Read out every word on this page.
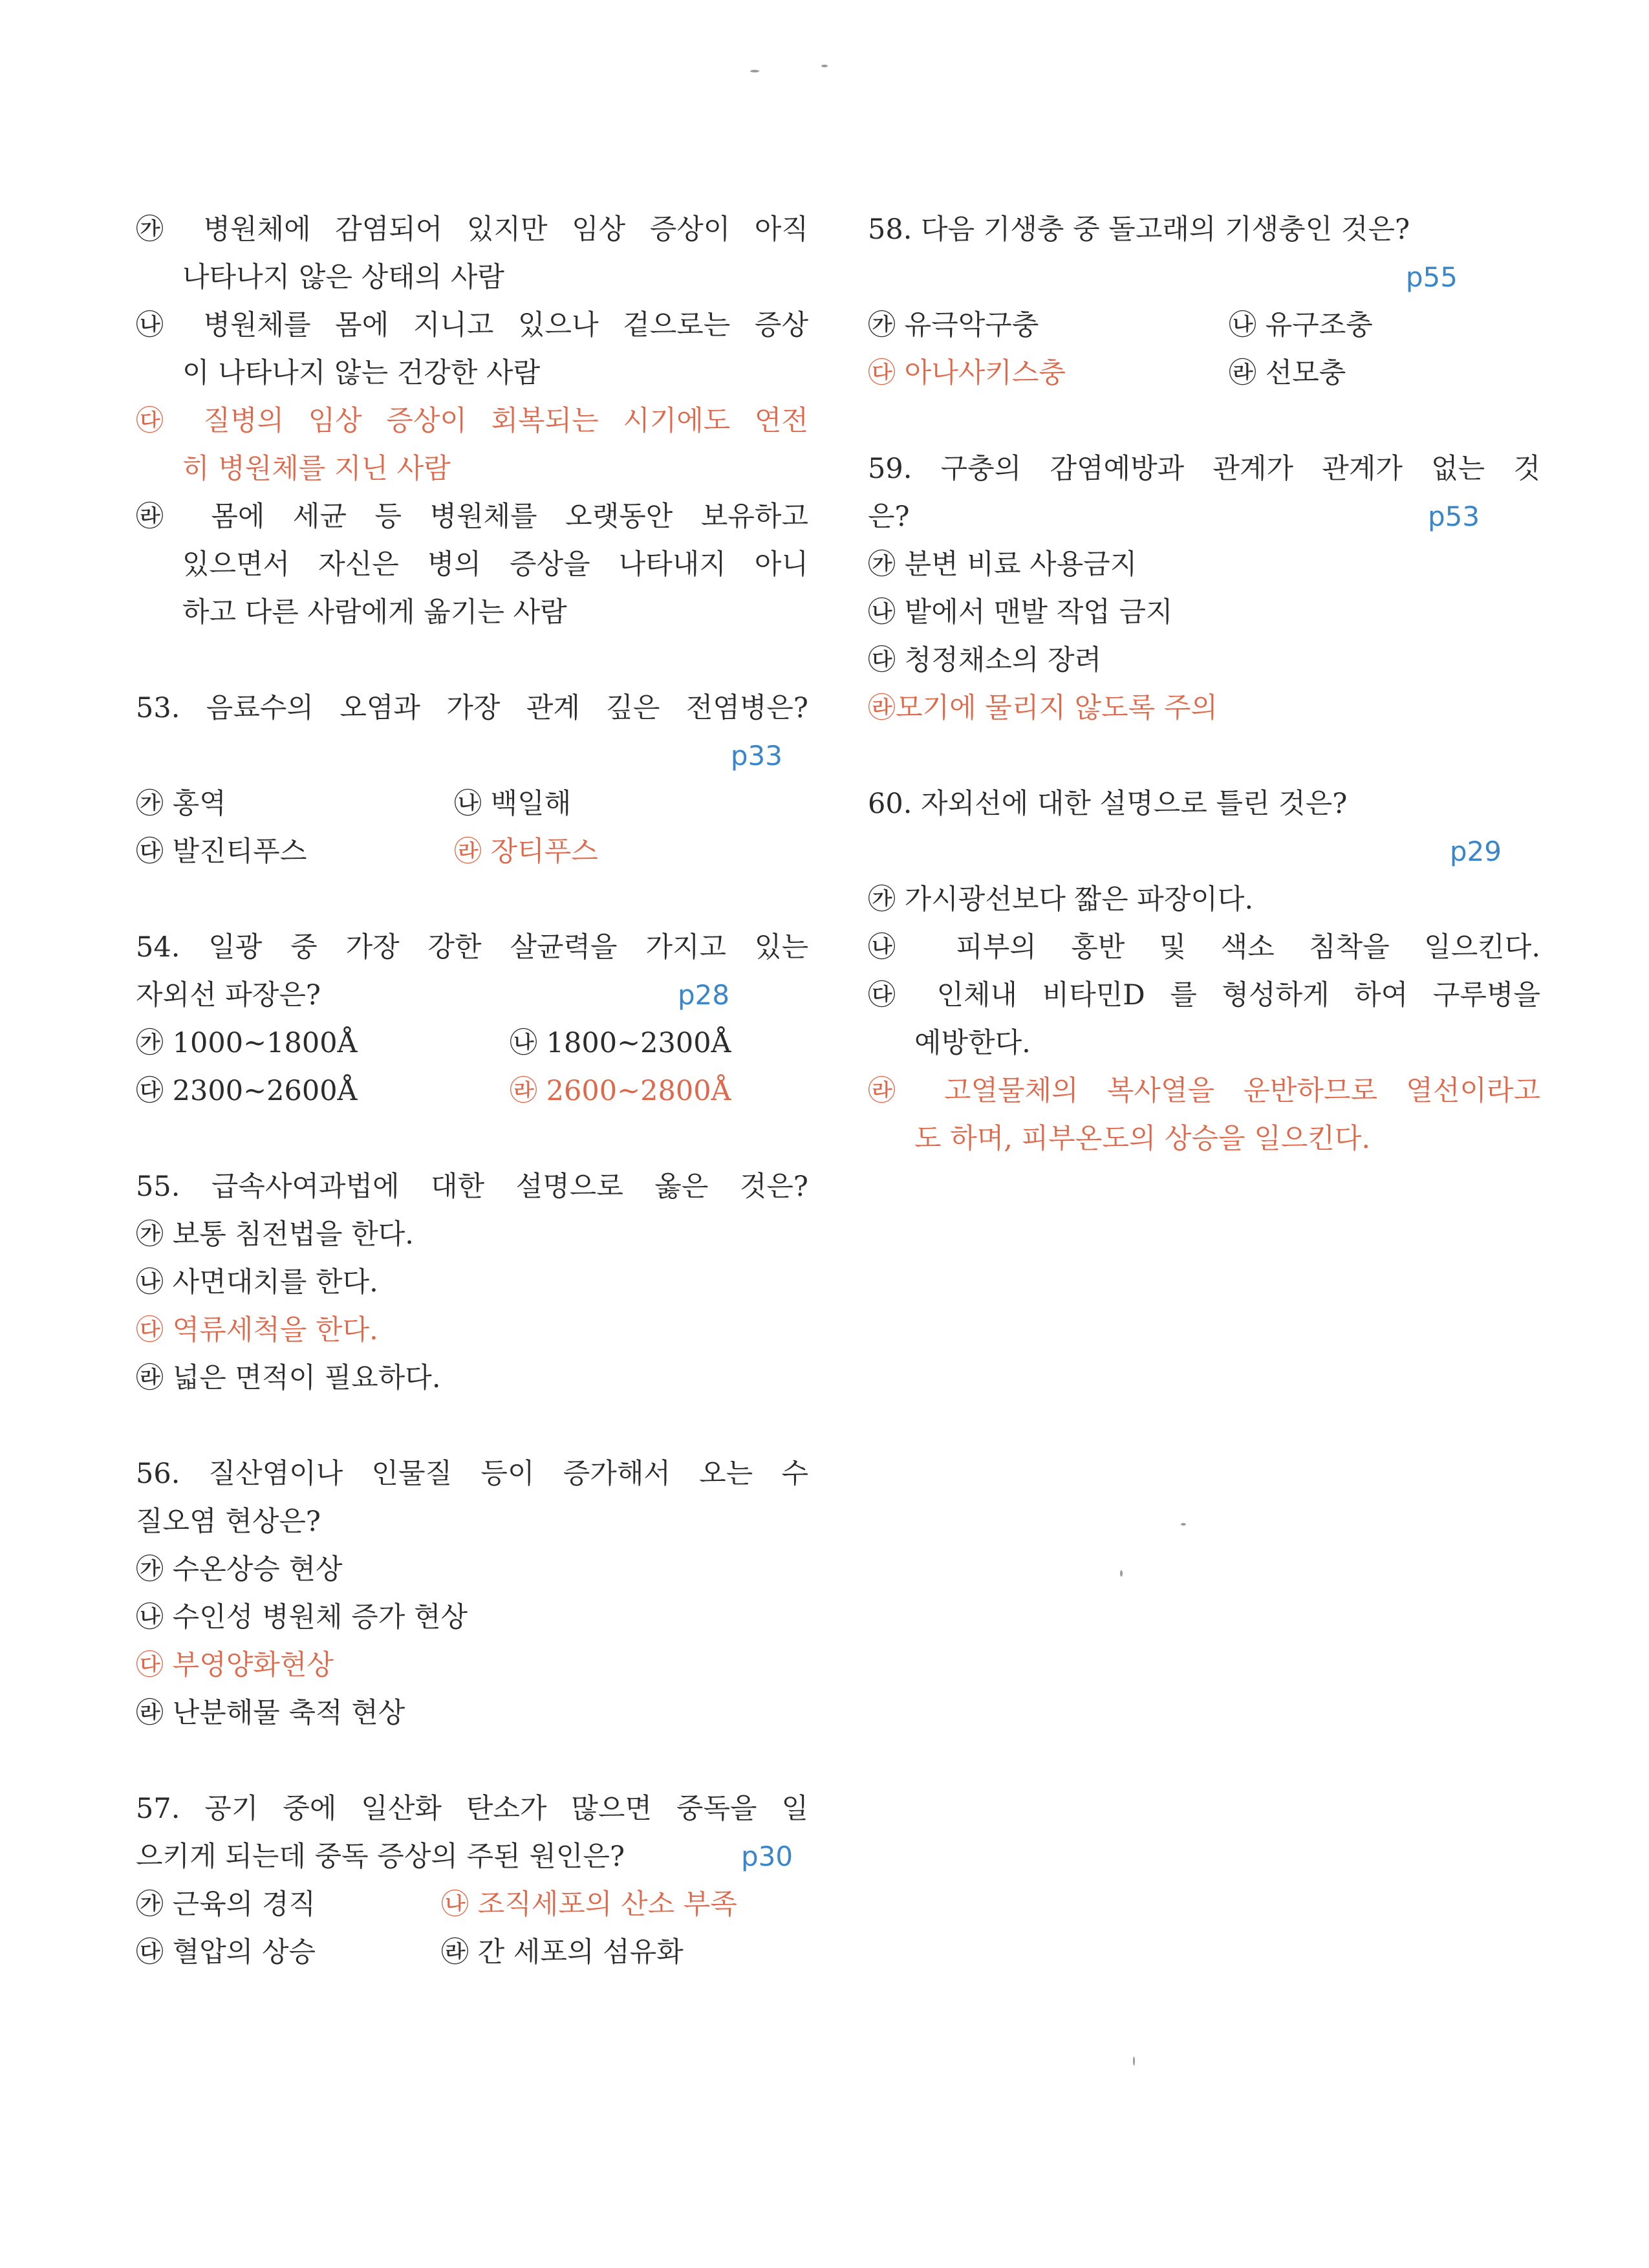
㉮ 병원체에 감염되어 있지만 임상 증상이 아직
나타나지 않은 상태의 사람
㉯ 병원체를 몸에 지니고 있으나 겉으로는 증상
이 나타나지 않는 건강한 사람
㉰ 질병의 임상 증상이 회복되는 시기에도 연전
히 병원체를 지닌 사람
㉱ 몸에 세균 등 병원체를 오랫동안 보유하고
있으면서 자신은 병의 증상을 나타내지 아니
하고 다른 사람에게 옮기는 사람
53. 음료수의 오염과 가장 관계 깊은 전염병은?
p33
㉮ 홍역	㉯ 백일해
㉰ 발진티푸스	㉱ 장티푸스
54. 일광 중 가장 강한 살균력을 가지고 있는
자외선 파장은?	p28
㉮ 1000~1800Å	㉯ 1800~2300Å
㉰ 2300~2600Å	㉱ 2600~2800Å
55. 급속사여과법에 대한 설명으로 옳은 것은?
㉮ 보통 침전법을 한다.
㉯ 사면대치를 한다.
㉰ 역류세척을 한다.
㉱ 넓은 면적이 필요하다.
56. 질산염이나 인물질 등이 증가해서 오는 수
질오염 현상은?
㉮ 수온상승 현상
㉯ 수인성 병원체 증가 현상
㉰ 부영양화현상
㉱ 난분해물 축적 현상
57. 공기 중에 일산화 탄소가 많으면 중독을 일
으키게 되는데 중독 증상의 주된 원인은?	p30
㉮ 근육의 경직	㉯ 조직세포의 산소 부족
㉰ 혈압의 상승	㉱ 간 세포의 섬유화
58. 다음 기생충 중 돌고래의 기생충인 것은?
p55
㉮ 유극악구충	㉯ 유구조충
㉰ 아나사키스충	㉱ 선모충
59. 구충의 감염예방과 관계가 관계가 없는 것
은?	p53
㉮ 분변 비료 사용금지
㉯ 밭에서 맨발 작업 금지
㉰ 청정채소의 장려
㉱모기에 물리지 않도록 주의
60. 자외선에 대한 설명으로 틀린 것은?
p29
㉮ 가시광선보다 짧은 파장이다.
㉯ 피부의 홍반 및 색소 침착을 일으킨다.
㉰ 인체내 비타민D 를 형성하게 하여 구루병을
예방한다.
㉱ 고열물체의 복사열을 운반하므로 열선이라고
도 하며, 피부온도의 상승을 일으킨다.
